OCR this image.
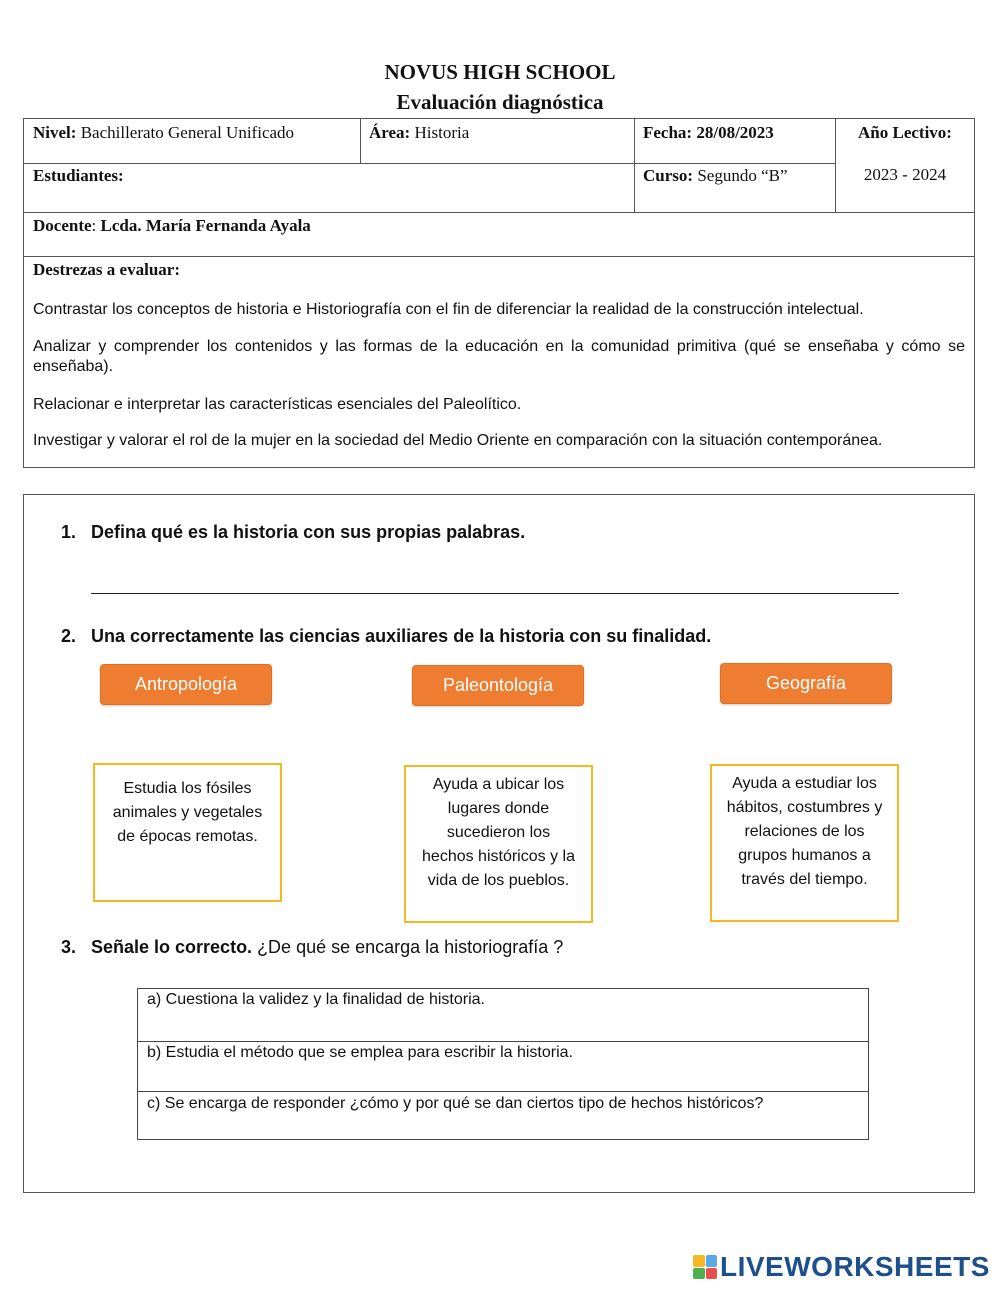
NOVUS HIGH SCHOOL
Evaluación diagnóstica
Nivel: Bachillerato General Unificado	Área: Historia	Fecha: 28/08/2023	Año Lectivo:
2023 - 2024
Estudiantes:	Curso: Segundo “B”
Docente: Lcda. María Fernanda Ayala
Destrezas a evaluar:
Contrastar los conceptos de historia e Historiografía con el fin de diferenciar la realidad de la construcción intelectual.
Analizar y comprender los contenidos y las formas de la educación en la comunidad primitiva (qué se enseñaba y cómo se enseñaba).
Relacionar e interpretar las características esenciales del Paleolítico.
Investigar y valorar el rol de la mujer en la sociedad del Medio Oriente en comparación con la situación contemporánea.
1. Defina qué es la historia con sus propias palabras.
2. Una correctamente las ciencias auxiliares de la historia con su finalidad.
Antropología	Paleontología	Geografía
Estudia los fósiles animales y vegetales de épocas remotas.
Ayuda a ubicar los lugares donde sucedieron los hechos históricos y la vida de los pueblos.
Ayuda a estudiar los hábitos, costumbres y relaciones de los grupos humanos a través del tiempo.
3. Señale lo correcto. ¿De qué se encarga la historiografía ?
a) Cuestiona la validez y la finalidad de historia.
b) Estudia el método que se emplea para escribir la historia.
c) Se encarga de responder ¿cómo y por qué se dan ciertos tipo de hechos históricos?
LIVEWORKSHEETS
